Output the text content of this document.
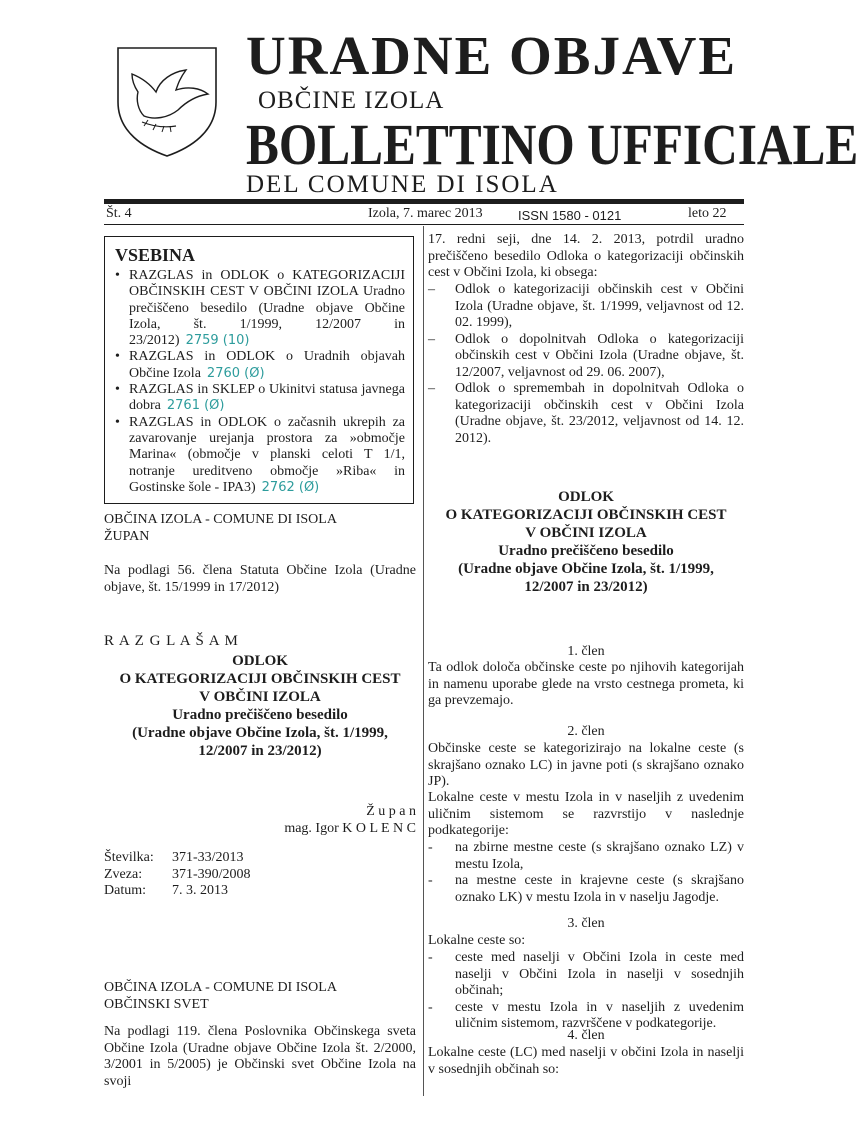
URADNE OBJAVE
OBČINE IZOLA
BOLLETTINO UFFICIALE
DEL COMUNE DI ISOLA
Št. 4	Izola, 7. marec 2013	ISSN 1580 - 0121	leto 22
VSEBINA
• RAZGLAS in ODLOK o KATEGORIZACIJI OBČINSKIH CEST V OBČINI IZOLA Uradno prečiščeno besedilo (Uradne objave Občine Izola, št. 1/1999, 12/2007 in 23/2012) 2759 (10)
• RAZGLAS in ODLOK o Uradnih objavah Občine Izola 2760 (Ø)
• RAZGLAS in SKLEP o Ukinitvi statusa javnega dobra 2761 (Ø)
• RAZGLAS in ODLOK o začasnih ukrepih za zavarovanje urejanja prostora za »območje Marina« (območje v planski celoti T 1/1, notranje ureditveno območje »Riba« in Gostinske šole - IPA3) 2762 (Ø)
OBČINA IZOLA - COMUNE DI ISOLA
ŽUPAN
Na podlagi 56. člena Statuta Občine Izola (Uradne objave, št. 15/1999 in 17/2012)
R A Z G L A Š A M
ODLOK
O KATEGORIZACIJI OBČINSKIH CEST
V OBČINI IZOLA
Uradno prečiščeno besedilo
(Uradne objave Občine Izola, št. 1/1999,
12/2007 in 23/2012)
Ž u p a n
mag. Igor K O L E N C
Številka: 371-33/2013
Zveza: 371-390/2008
Datum: 7. 3. 2013
OBČINA IZOLA - COMUNE DI ISOLA
OBČINSKI SVET
Na podlagi 119. člena Poslovnika Občinskega sveta Občine Izola (Uradne objave Občine Izola št. 2/2000, 3/2001 in 5/2005) je Občinski svet Občine Izola na svoji
17. redni seji, dne 14. 2. 2013, potrdil uradno prečiščeno besedilo Odloka o kategorizaciji občinskih cest v Občini Izola, ki obsega:
– Odlok o kategorizaciji občinskih cest v Občini Izola (Uradne objave, št. 1/1999, veljavnost od 12. 02. 1999),
– Odlok o dopolnitvah Odloka o kategorizaciji občinskih cest v Občini Izola (Uradne objave, št. 12/2007, veljavnost od 29. 06. 2007),
– Odlok o spremembah in dopolnitvah Odloka o kategorizaciji občinskih cest v Občini Izola (Uradne objave, št. 23/2012, veljavnost od 14. 12. 2012).
ODLOK
O KATEGORIZACIJI OBČINSKIH CEST
V OBČINI IZOLA
Uradno prečiščeno besedilo
(Uradne objave Občine Izola, št. 1/1999,
12/2007 in 23/2012)
1. člen
Ta odlok določa občinske ceste po njihovih kategorijah in namenu uporabe glede na vrsto cestnega prometa, ki ga prevzemajo.
2. člen
Občinske ceste se kategorizirajo na lokalne ceste (s skrajšano oznako LC) in javne poti (s skrajšano oznako JP).
Lokalne ceste v mestu Izola in v naseljih z uvedenim uličnim sistemom se razvrstijo v naslednje podkategorije:
- na zbirne mestne ceste (s skrajšano oznako LZ) v mestu Izola,
- na mestne ceste in krajevne ceste (s skrajšano oznako LK) v mestu Izola in v naselju Jagodje.
3. člen
Lokalne ceste so:
- ceste med naselji v Občini Izola in ceste med naselji v Občini Izola in naselji v sosednjih občinah;
- ceste v mestu Izola in v naseljih z uvedenim uličnim sistemom, razvrščene v podkategorije.
4. člen
Lokalne ceste (LC) med naselji v občini Izola in naselji v sosednjih občinah so:
